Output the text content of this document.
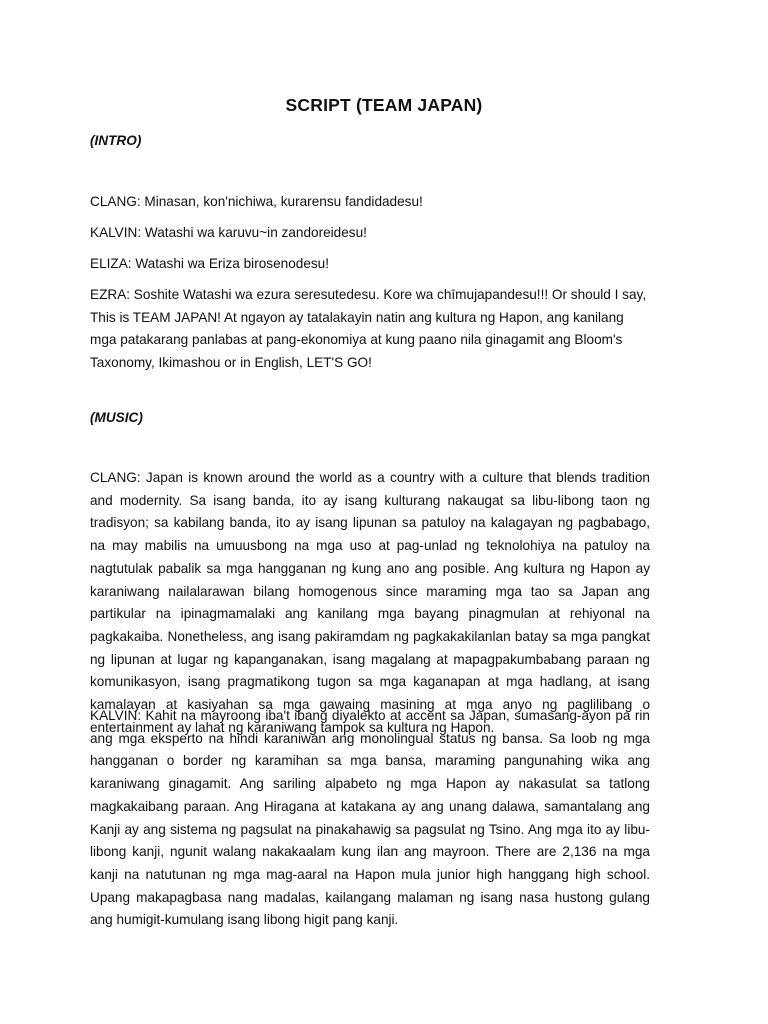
SCRIPT (TEAM JAPAN)
(INTRO)
CLANG: Minasan, kon'nichiwa, kurarensu fandidadesu!
KALVIN: Watashi wa karuvu~in zandoreidesu!
ELIZA: Watashi wa Eriza birosenodesu!
EZRA: Soshite Watashi wa ezura seresutedesu. Kore wa chīmujapandesu!!! Or should I say, This is TEAM JAPAN! At ngayon ay tatalakayin natin ang kultura ng Hapon, ang kanilang mga patakarang panlabas at pang-ekonomiya at kung paano nila ginagamit ang Bloom's Taxonomy, Ikimashou or in English, LET'S GO!
(MUSIC)
CLANG: Japan is known around the world as a country with a culture that blends tradition and modernity. Sa isang banda, ito ay isang kulturang nakaugat sa libu-libong taon ng tradisyon; sa kabilang banda, ito ay isang lipunan sa patuloy na kalagayan ng pagbabago, na may mabilis na umuusbong na mga uso at pag-unlad ng teknolohiya na patuloy na nagtutulak pabalik sa mga hangganan ng kung ano ang posible. Ang kultura ng Hapon ay karaniwang nailalarawan bilang homogenous since maraming mga tao sa Japan ang partikular na ipinagmamalaki ang kanilang mga bayang pinagmulan at rehiyonal na pagkakaiba. Nonetheless, ang isang pakiramdam ng pagkakakilanlan batay sa mga pangkat ng lipunan at lugar ng kapanganakan, isang magalang at mapagpakumbabang paraan ng komunikasyon, isang pragmatikong tugon sa mga kaganapan at mga hadlang, at isang kamalayan at kasiyahan sa mga gawaing masining at mga anyo ng paglilibang o entertainment ay lahat ng karaniwang tampok sa kultura ng Hapon.
KALVIN: Kahit na mayroong iba't ibang diyalekto at accent sa Japan, sumasang-ayon pa rin ang mga eksperto na hindi karaniwan ang monolingual status ng bansa. Sa loob ng mga hangganan o border ng karamihan sa mga bansa, maraming pangunahing wika ang karaniwang ginagamit. Ang sariling alpabeto ng mga Hapon ay nakasulat sa tatlong magkakaibang paraan. Ang Hiragana at katakana ay ang unang dalawa, samantalang ang Kanji ay ang sistema ng pagsulat na pinakahawig sa pagsulat ng Tsino. Ang mga ito ay libu-libong kanji, ngunit walang nakakaalam kung ilan ang mayroon. There are 2,136 na mga kanji na natutunan ng mga mag-aaral na Hapon mula junior high hanggang high school. Upang makapagbasa nang madalas, kailangang malaman ng isang nasa hustong gulang ang humigit-kumulang isang libong higit pang kanji.
